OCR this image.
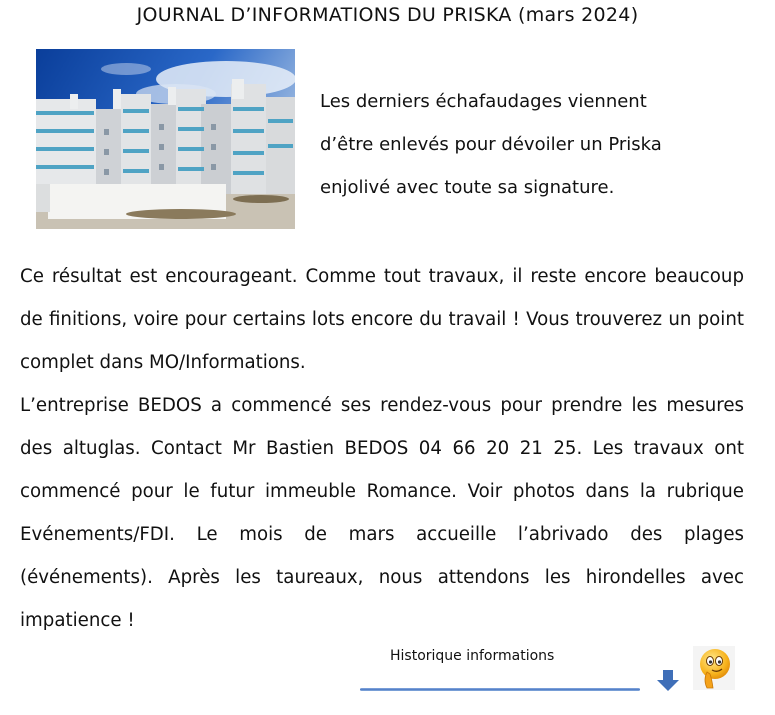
JOURNAL D’INFORMATIONS DU PRISKA (mars 2024)
Les derniers échafaudages viennent
d’être enlevés pour dévoiler un Priska
enjolivé avec toute sa signature.

Ce résultat est encourageant. Comme tout travaux, il reste encore beaucoup de finitions, voire pour certains lots encore du travail ! Vous trouverez un point complet dans MO/Informations.

L’entreprise BEDOS a commencé ses rendez-vous pour prendre les mesures des altuglas. Contact Mr Bastien BEDOS 04 66 20 21 25. Les travaux ont commencé pour le futur immeuble Romance. Voir photos dans la rubrique Evénements/FDI. Le mois de mars accueille l’abrivado des plages (événements). Après les taureaux, nous attendons les hirondelles avec impatience !

Historique informations
